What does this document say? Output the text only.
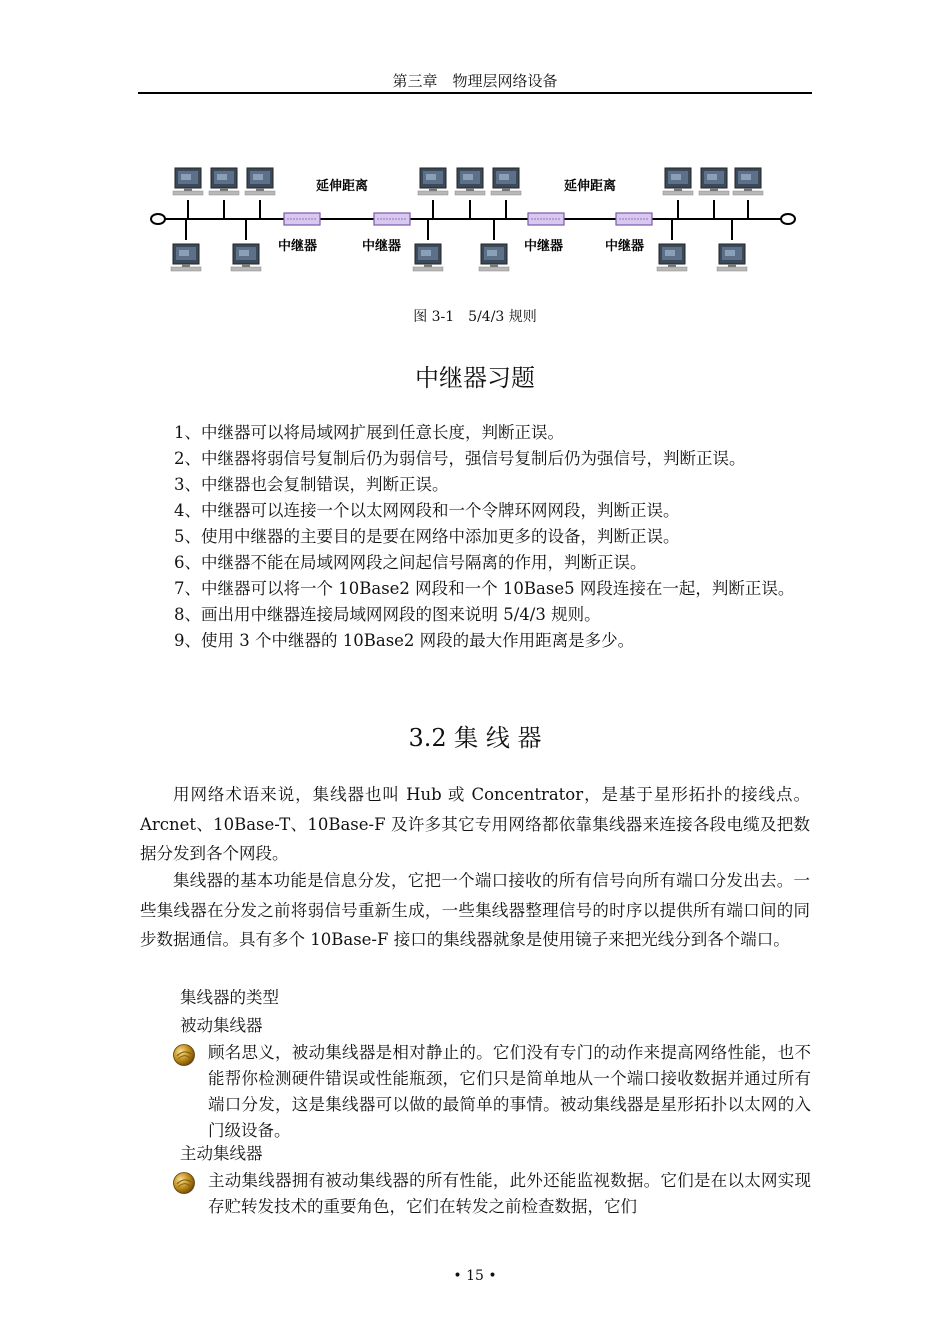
第三章　物理层网络设备
延伸距离	延伸距离
中继器	中继器	中继器	中继器
图 3-1　5/4/3 规则
中继器习题
1、中继器可以将局域网扩展到任意长度，判断正误。
2、中继器将弱信号复制后仍为弱信号，强信号复制后仍为强信号，判断正误。
3、中继器也会复制错误，判断正误。
4、中继器可以连接一个以太网网段和一个令牌环网网段，判断正误。
5、使用中继器的主要目的是要在网络中添加更多的设备，判断正误。
6、中继器不能在局域网网段之间起信号隔离的作用，判断正误。
7、中继器可以将一个 10Base2 网段和一个 10Base5 网段连接在一起，判断正误。
8、画出用中继器连接局域网网段的图来说明 5/4/3 规则。
9、使用 3 个中继器的 10Base2 网段的最大作用距离是多少。
3.2 集 线 器
用网络术语来说，集线器也叫 Hub 或 Concentrator，是基于星形拓扑的接线点。Arcnet、10Base-T、10Base-F 及许多其它专用网络都依靠集线器来连接各段电缆及把数据分发到各个网段。
集线器的基本功能是信息分发，它把一个端口接收的所有信号向所有端口分发出去。一些集线器在分发之前将弱信号重新生成，一些集线器整理信号的时序以提供所有端口间的同步数据通信。具有多个 10Base-F 接口的集线器就象是使用镜子来把光线分到各个端口。
集线器的类型
被动集线器
顾名思义，被动集线器是相对静止的。它们没有专门的动作来提高网络性能，也不能帮你检测硬件错误或性能瓶颈，它们只是简单地从一个端口接收数据并通过所有端口分发，这是集线器可以做的最简单的事情。被动集线器是星形拓扑以太网的入门级设备。
主动集线器
主动集线器拥有被动集线器的所有性能，此外还能监视数据。它们是在以太网实现存贮转发技术的重要角色，它们在转发之前检查数据，它们
• 15 •
